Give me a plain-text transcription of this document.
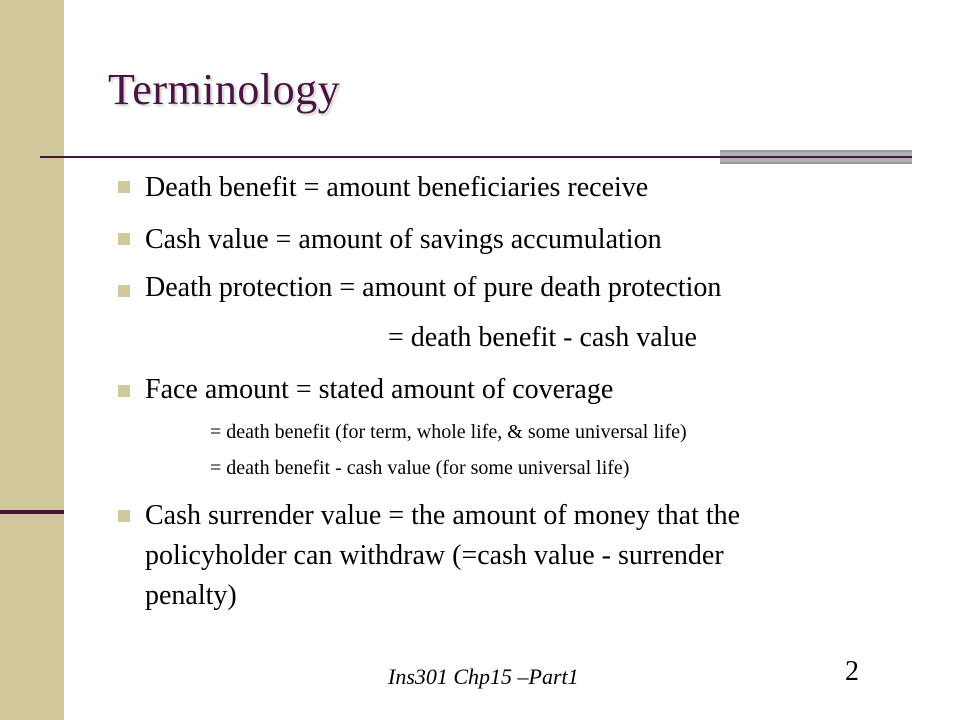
Terminology
Death benefit = amount beneficiaries receive
Cash value = amount of savings accumulation
Death protection = amount of pure death protection
= death benefit - cash value
Face amount = stated amount of coverage
= death benefit (for term, whole life, & some universal life)
= death benefit - cash value (for some universal life)
Cash surrender value = the amount of money that the
policyholder can withdraw (=cash value - surrender
penalty)
Ins301 Chp15 –Part1	2
